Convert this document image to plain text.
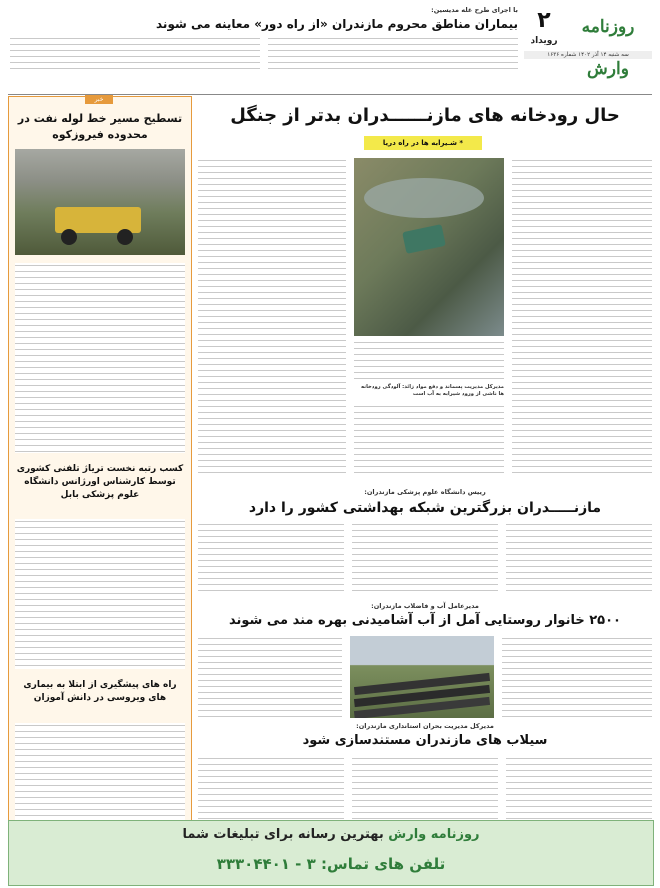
روزنامه وارش
۲
رویداد
سه شنبه ۱۴ آذر ۱۴۰۲ شماره ۱۶۳۶
با اجرای طرح غله مدیسین:
بیماران مناطق محروم مازندران «از راه دور» معاینه می شوند
حال رودخانه های مازنــــــدران بدتر از جنگل
* شـیرابه ها در راه دریا
مدیرکل مدیریت پسماند و دفع مواد زائد: آلودگی رودخانه ها ناشی از ورود شیرابه به آب است
خبر
تسطیح مسیر خط لوله نفت در محدوده فیروزکوه
کسب رتبه نخست تریاژ تلفنی کشوری توسط کارشناس اورژانس دانشگاه علوم پزشکی بابل
راه های پیشگیری از ابتلا به بیماری های ویروسی در دانش آموزان
رییس دانشگاه علوم پزشکی مازندران:
مازنـــــدران بزرگترین شبکه بهداشتی کشور را دارد
مدیرعامل آب و فاضلاب مازندران:
۲۵۰۰ خانوار روستایی آمل از آب آشامیدنی بهره مند می شوند
مدیرکل مدیریت بحران استانداری مازندران:
سیلاب های مازندران مستندسازی شود
روزنامه وارش بهترین رسانه برای تبلیغات شما
تلفن های تماس: ۳ - ۳۳۳۰۴۴۰۱
